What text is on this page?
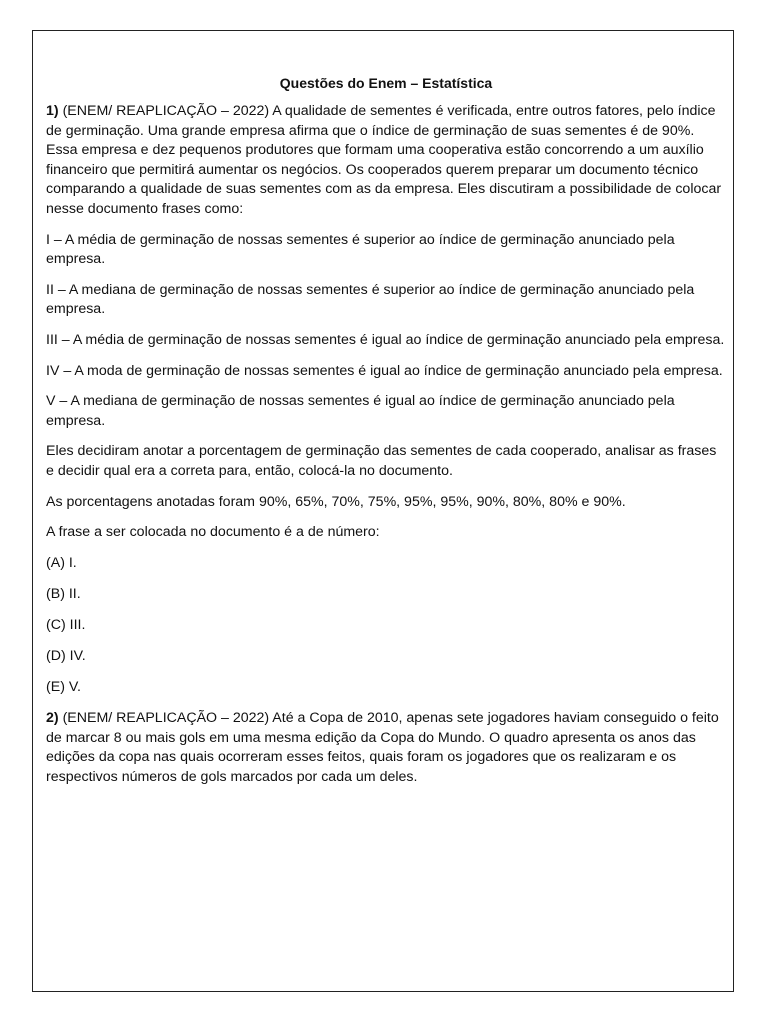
Questões do Enem – Estatística

1) (ENEM/ REAPLICAÇÃO – 2022) A qualidade de sementes é verificada, entre outros fatores, pelo índice de germinação. Uma grande empresa afirma que o índice de germinação de suas sementes é de 90%. Essa empresa e dez pequenos produtores que formam uma cooperativa estão concorrendo a um auxílio financeiro que permitirá aumentar os negócios. Os cooperados querem preparar um documento técnico comparando a qualidade de suas sementes com as da empresa. Eles discutiram a possibilidade de colocar nesse documento frases como:

I – A média de germinação de nossas sementes é superior ao índice de germinação anunciado pela empresa.

II – A mediana de germinação de nossas sementes é superior ao índice de germinação anunciado pela empresa.

III – A média de germinação de nossas sementes é igual ao índice de germinação anunciado pela empresa.

IV – A moda de germinação de nossas sementes é igual ao índice de germinação anunciado pela empresa.

V – A mediana de germinação de nossas sementes é igual ao índice de germinação anunciado pela empresa.

Eles decidiram anotar a porcentagem de germinação das sementes de cada cooperado, analisar as frases e decidir qual era a correta para, então, colocá-la no documento.

As porcentagens anotadas foram 90%, 65%, 70%, 75%, 95%, 95%, 90%, 80%, 80% e 90%.

A frase a ser colocada no documento é a de número:

(A) I.

(B) II.

(C) III.

(D) IV.

(E) V.

2) (ENEM/ REAPLICAÇÃO – 2022) Até a Copa de 2010, apenas sete jogadores haviam conseguido o feito de marcar 8 ou mais gols em uma mesma edição da Copa do Mundo. O quadro apresenta os anos das edições da copa nas quais ocorreram esses feitos, quais foram os jogadores que os realizaram e os respectivos números de gols marcados por cada um deles.
